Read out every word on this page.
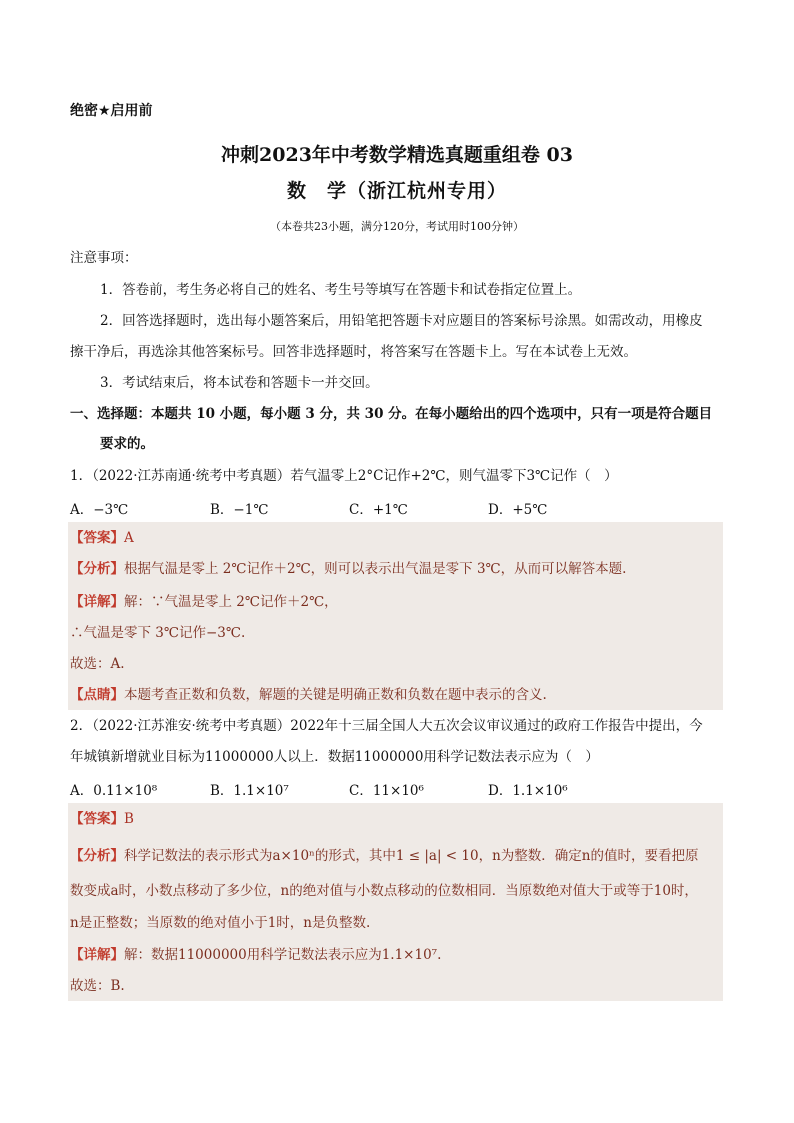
绝密★启用前
冲刺2023年中考数学精选真题重组卷 03
数　学（浙江杭州专用）
（本卷共23小题，满分120分，考试用时100分钟）
注意事项：
1．答卷前，考生务必将自己的姓名、考生号等填写在答题卡和试卷指定位置上。
2．回答选择题时，选出每小题答案后，用铅笔把答题卡对应题目的答案标号涂黑。如需改动，用橡皮
擦干净后，再选涂其他答案标号。回答非选择题时，将答案写在答题卡上。写在本试卷上无效。
3．考试结束后，将本试卷和答题卡一并交回。
一、选择题：本题共 10 小题，每小题 3 分，共 30 分。在每小题给出的四个选项中，只有一项是符合题目
要求的。
1．（2022·江苏南通·统考中考真题）若气温零上2°C记作+2℃，则气温零下3℃记作（　）
A．−3℃	B．−1℃	C．+1℃	D．+5℃
【答案】A
【分析】根据气温是零上 2℃记作＋2℃，则可以表示出气温是零下 3℃，从而可以解答本题.
【详解】解：∵气温是零上 2℃记作＋2℃，
∴气温是零下 3℃记作−3℃.
故选：A.
【点睛】本题考查正数和负数，解题的关键是明确正数和负数在题中表示的含义.
2．（2022·江苏淮安·统考中考真题）2022年十三届全国人大五次会议审议通过的政府工作报告中提出，今
年城镇新增就业目标为11000000人以上．数据11000000用科学记数法表示应为（　）
A．0.11×10⁸	B．1.1×10⁷	C．11×10⁶	D．1.1×10⁶
【答案】B
【分析】科学记数法的表示形式为a×10ⁿ的形式，其中1 ≤ |a| < 10，n为整数．确定n的值时，要看把原
数变成a时，小数点移动了多少位，n的绝对值与小数点移动的位数相同．当原数绝对值大于或等于10时，
n是正整数；当原数的绝对值小于1时，n是负整数.
【详解】解：数据11000000用科学记数法表示应为1.1×10⁷.
故选：B.
